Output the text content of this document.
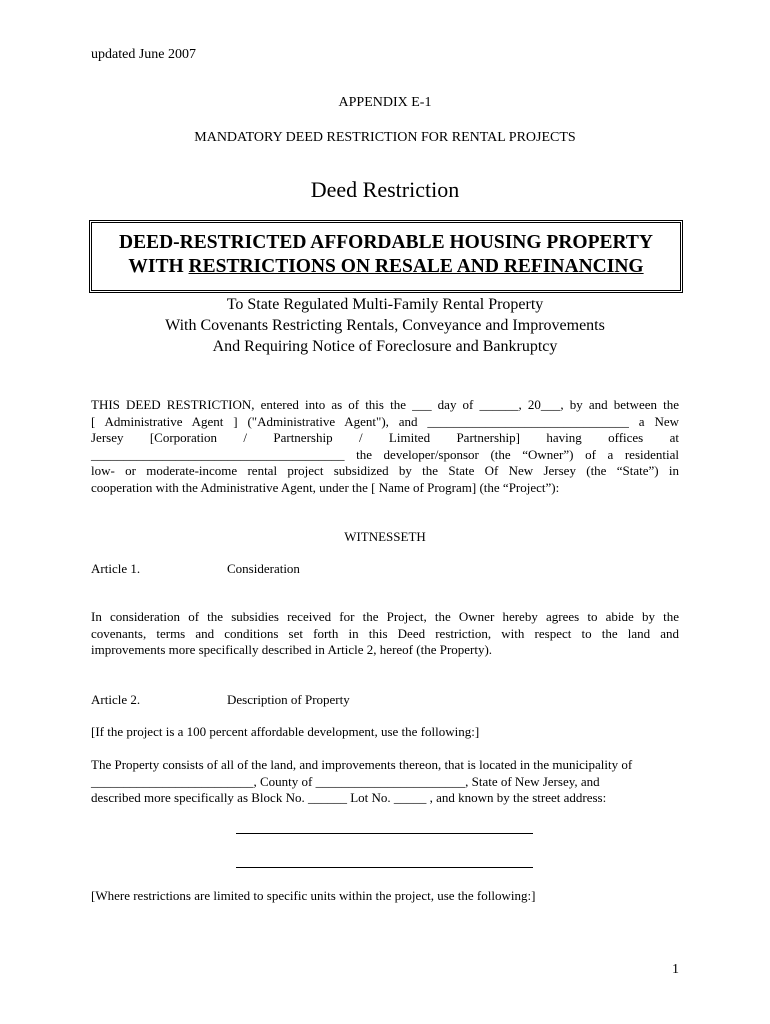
updated June 2007
APPENDIX E-1
MANDATORY DEED RESTRICTION FOR RENTAL PROJECTS
Deed Restriction
DEED-RESTRICTED AFFORDABLE HOUSING PROPERTY
WITH RESTRICTIONS ON RESALE AND REFINANCING
To State Regulated Multi-Family Rental Property
With Covenants Restricting Rentals, Conveyance and Improvements
And Requiring Notice of Foreclosure and Bankruptcy
THIS DEED RESTRICTION, entered into as of this the ___ day of ______, 20___, by and between the
[ Administrative Agent ] ("Administrative Agent"), and _______________________________ a New
Jersey [Corporation / Partnership / Limited Partnership] having offices at
_______________________________________ the developer/sponsor (the “Owner”) of a residential
low- or moderate-income rental project subsidized by the State Of New Jersey (the “State”) in
cooperation with the Administrative Agent, under the [ Name of Program] (the “Project”):
WITNESSETH
Article 1.	Consideration
In consideration of the subsidies received for the Project, the Owner hereby agrees to abide by the
covenants, terms and conditions set forth in this Deed restriction, with respect to the land and
improvements more specifically described in Article 2, hereof (the Property).
Article 2.	Description of Property
[If the project is a 100 percent affordable development, use the following:]
The Property consists of all of the land, and improvements thereon, that is located in the municipality of
_________________________, County of _______________________, State of New Jersey, and
described more specifically as Block No. ______ Lot No. _____ , and known by the street address:
[Where restrictions are limited to specific units within the project, use the following:]
1
